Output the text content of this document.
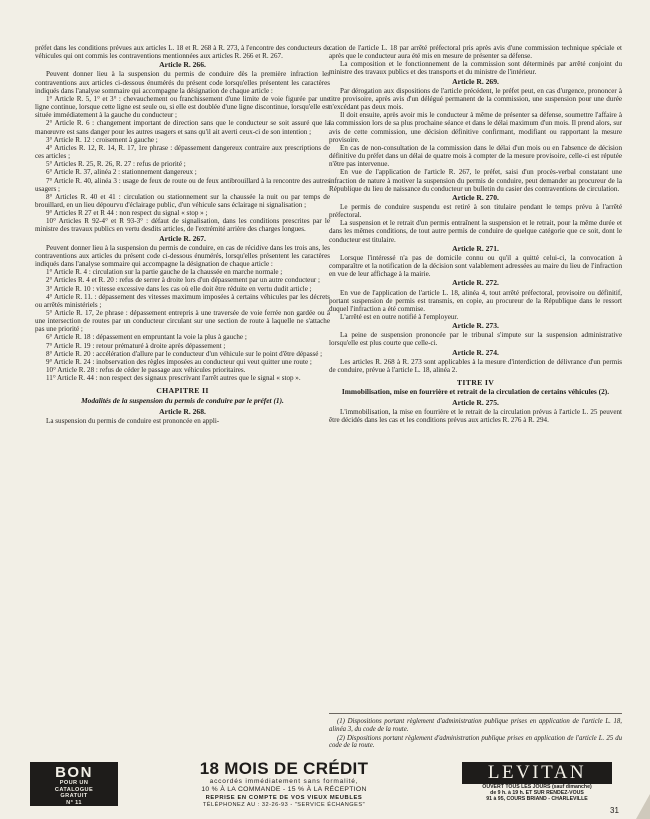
préfet dans les conditions prévues aux articles L. 18 et R. 268 à R. 273, à l'encontre des conducteurs de véhicules qui ont commis les contraventions mentionnées aux articles R. 266 et R. 267.

Article R. 266.

Peuvent donner lieu à la suspension du permis de conduire dès la première infraction les contraventions aux articles ci-dessous énumérés du présent code lorsqu'elles présentent les caractères indiqués dans l'analyse sommaire qui accompagne la désignation de chaque article :

1° Article R. 5, 1° et 3° : chevauchement ou franchissement d'une limite de voie figurée par une ligne continue, lorsque cette ligne est seule ou, si elle est doublée d'une ligne discontinue, lorsqu'elle est située immédiatement à la gauche du conducteur ;

2° Article R. 6 : changement important de direction sans que le conducteur se soit assuré que la manœuvre est sans danger pour les autres usagers et sans qu'il ait averti ceux-ci de son intention ;

3° Article R. 12 : croisement à gauche ;

4° Articles R. 12, R. 14, R. 17, 1re phrase : dépassement dangereux contraire aux prescriptions de ces articles ;

5° Articles R. 25, R. 26, R. 27 : refus de priorité ;

6° Article R. 37, alinéa 2 : stationnement dangereux ;

7° Article R. 40, alinéa 3 : usage de feux de route ou de feux antibrouillard à la rencontre des autres usagers ;

8° Articles R. 40 et 41 : circulation ou stationnement sur la chaussée la nuit ou par temps de brouillard, en un lieu dépourvu d'éclairage public, d'un véhicule sans éclairage ni signalisation ;

9° Articles R 27 et R 44 : non respect du signal « stop » ;

10° Articles R 92-4° et R 93-3° : défaut de signalisation, dans les conditions prescrites par le ministre des travaux publics en vertu desdits articles, de l'extrémité arrière des charges longues.

Article R. 267.

Peuvent donner lieu à la suspension du permis de conduire, en cas de récidive dans les trois ans, les contraventions aux articles du présent code ci-dessous énumérés, lorsqu'elles présentent les caractères indiqués dans l'analyse sommaire qui accompagne la désignation de chaque article :

1° Article R. 4 : circulation sur la partie gauche de la chaussée en marche normale ;

2° Articles R. 4 et R. 20 : refus de serrer à droite lors d'un dépassement par un autre conducteur ;

3° Article R. 10 : vitesse excessive dans les cas où elle doit être réduite en vertu dudit article ;

4° Article R. 11. : dépassement des vitesses maximum imposées à certains véhicules par les décrets ou arrêtés ministériels ;

5° Article R. 17, 2e phrase : dépassement entrepris à une traversée de voie ferrée non gardée ou à une intersection de routes par un conducteur circulant sur une section de route à laquelle ne s'attache pas une priorité ;

6° Article R. 18 : dépassement en empruntant la voie la plus à gauche ;

7° Article R. 19 : retour prématuré à droite après dépassement ;

8° Article R. 20 : accélération d'allure par le conducteur d'un véhicule sur le point d'être dépassé ;

9° Article R. 24 : inobservation des règles imposées au conducteur qui veut quitter une route ;

10° Article R. 28 : refus de céder le passage aux véhicules prioritaires.

11° Article R. 44 : non respect des signaux prescrivant l'arrêt autres que le signal « stop ».

CHAPITRE II
Modalités de la suspension du permis de conduire par le préfet (1).
Article R. 268.

La suspension du permis de conduire est prononcée en appli-

cation de l'article L. 18 par arrêté préfectoral pris après avis d'une commission technique spéciale et après que le conducteur aura été mis en mesure de présenter sa défense.

La composition et le fonctionnement de la commission sont déterminés par arrêté conjoint du ministre des travaux publics et des transports et du ministre de l'intérieur.

Article R. 269.

Par dérogation aux dispositions de l'article précédent, le préfet peut, en cas d'urgence, prononcer à titre provisoire, après avis d'un délégué permanent de la commission, une suspension pour une durée n'excédant pas deux mois.

Il doit ensuite, après avoir mis le conducteur à même de présenter sa défense, soumettre l'affaire à la commission lors de sa plus prochaine séance et dans le délai maximum d'un mois. Il prend alors, sur avis de cette commission, une décision définitive confirmant, modifiant ou rapportant la mesure provisoire.

En cas de non-consultation de la commission dans le délai d'un mois ou en l'absence de décision définitive du préfet dans un délai de quatre mois à compter de la mesure provisoire, celle-ci est réputée n'être pas intervenue.

En vue de l'application de l'article R. 267, le préfet, saisi d'un procès-verbal constatant une infraction de nature à motiver la suspension du permis de conduire, peut demander au procureur de la République du lieu de naissance du conducteur un bulletin du casier des contraventions de circulation.

Article R. 270.

Le permis de conduire suspendu est retiré à son titulaire pendant le temps prévu à l'arrêté préfectoral.

La suspension et le retrait d'un permis entraînent la suspension et le retrait, pour la même durée et dans les mêmes conditions, de tout autre permis de conduire de quelque catégorie que ce soit, dont le conducteur est titulaire.

Article R. 271.

Lorsque l'intéressé n'a pas de domicile connu ou qu'il a quitté celui-ci, la convocation à comparaître et la notification de la décision sont valablement adressées au maire du lieu de l'infraction en vue de leur affichage à la mairie.

Article R. 272.

En vue de l'application de l'article L. 18, alinéa 4, tout arrêté préfectoral, provisoire ou définitif, portant suspension de permis est transmis, en copie, au procureur de la République dans le ressort duquel l'infraction a été commise.

L'arrêté est en outre notifié à l'employeur.

Article R. 273.

La peine de suspension prononcée par le tribunal s'impute sur la suspension administrative lorsqu'elle est plus courte que celle-ci.

Article R. 274.

Les articles R. 268 à R. 273 sont applicables à la mesure d'interdiction de délivrance d'un permis de conduire, prévue à l'article L. 18, alinéa 2.

TITRE IV
Immobilisation, mise en fourrière et retrait de la circulation de certains véhicules (2).
Article R. 275.

L'immobilisation, la mise en fourrière et le retrait de la circulation prévus à l'article L. 25 peuvent être décidés dans les cas et les conditions prévus aux articles R. 276 à R. 294.

(1) Dispositions portant règlement d'administration publique prises en application de l'article L. 18, alinéa 3, du code de la route.

(2) Dispositions portant règlement d'administration publique prises en application de l'article L. 25 du code de la route.

BON
POUR UN
CATALOGUE
GRATUIT
N° 11
18 MOIS DE CRÉDIT
accordés immédiatement sans formalité,
10 % À LA COMMANDE - 15 % À LA RÉCEPTION
REPRISE EN COMPTE DE VOS VIEUX MEUBLES
TÉLÉPHONEZ AU : 32-26-93 - "SERVICE ÉCHANGES"
LEVITAN
OUVERT TOUS LES JOURS (sauf dimanche)
de 9 h. à 19 h. ET SUR RENDEZ-VOUS
91 à 95, COURS BRIAND - CHARLEVILLE
31
